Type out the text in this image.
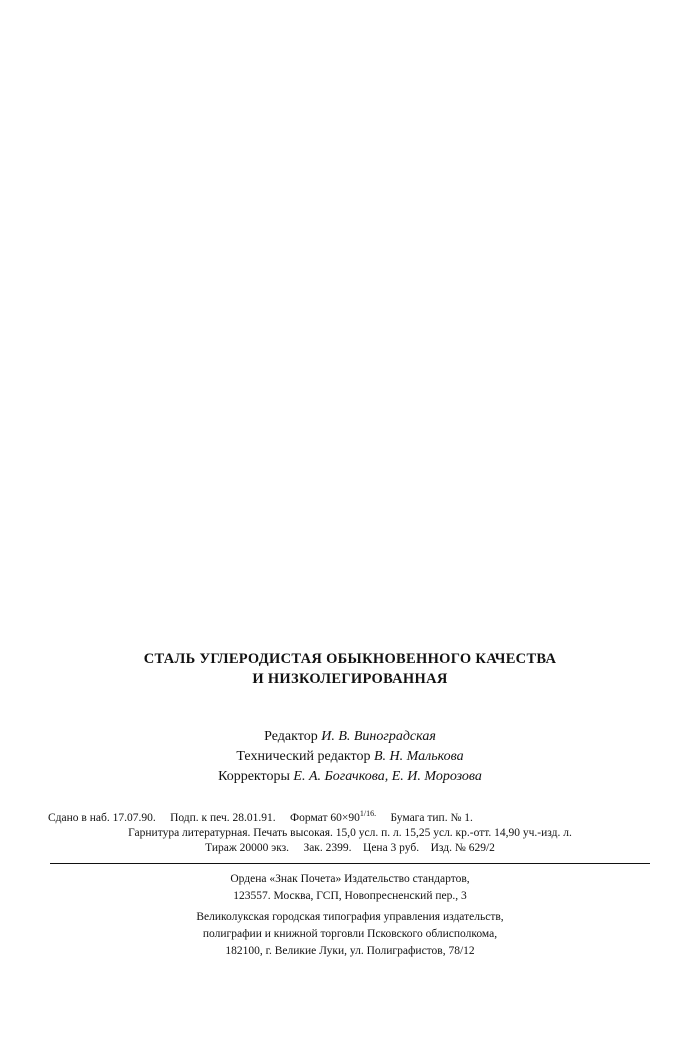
СТАЛЬ УГЛЕРОДИСТАЯ ОБЫКНОВЕННОГО КАЧЕСТВА
И НИЗКОЛЕГИРОВАННАЯ
Редактор И. В. Виноградская
Технический редактор В. Н. Малькова
Корректоры Е. А. Богачкова, Е. И. Морозова
Сдано в наб. 17.07.90. Подп. к печ. 28.01.91. Формат $60\times 90^{1/16.}$ Бумага тип. № 1.
Гарнитура литературная. Печать высокая. 15,0 усл. п. л. 15,25 усл. кр.-отт. 14,90 уч.-изд. л.
Тираж 20000 экз. Зак. 2399. Цена 3 руб. Изд. № 629/2
Ордена «Знак Почета» Издательство стандартов,
123557. Москва, ГСП, Новопресненский пер., 3
Великолукская городская типография управления издательств,
полиграфии и книжной торговли Псковского облисполкома,
182100, г. Великие Луки, ул. Полиграфистов, 78/12
